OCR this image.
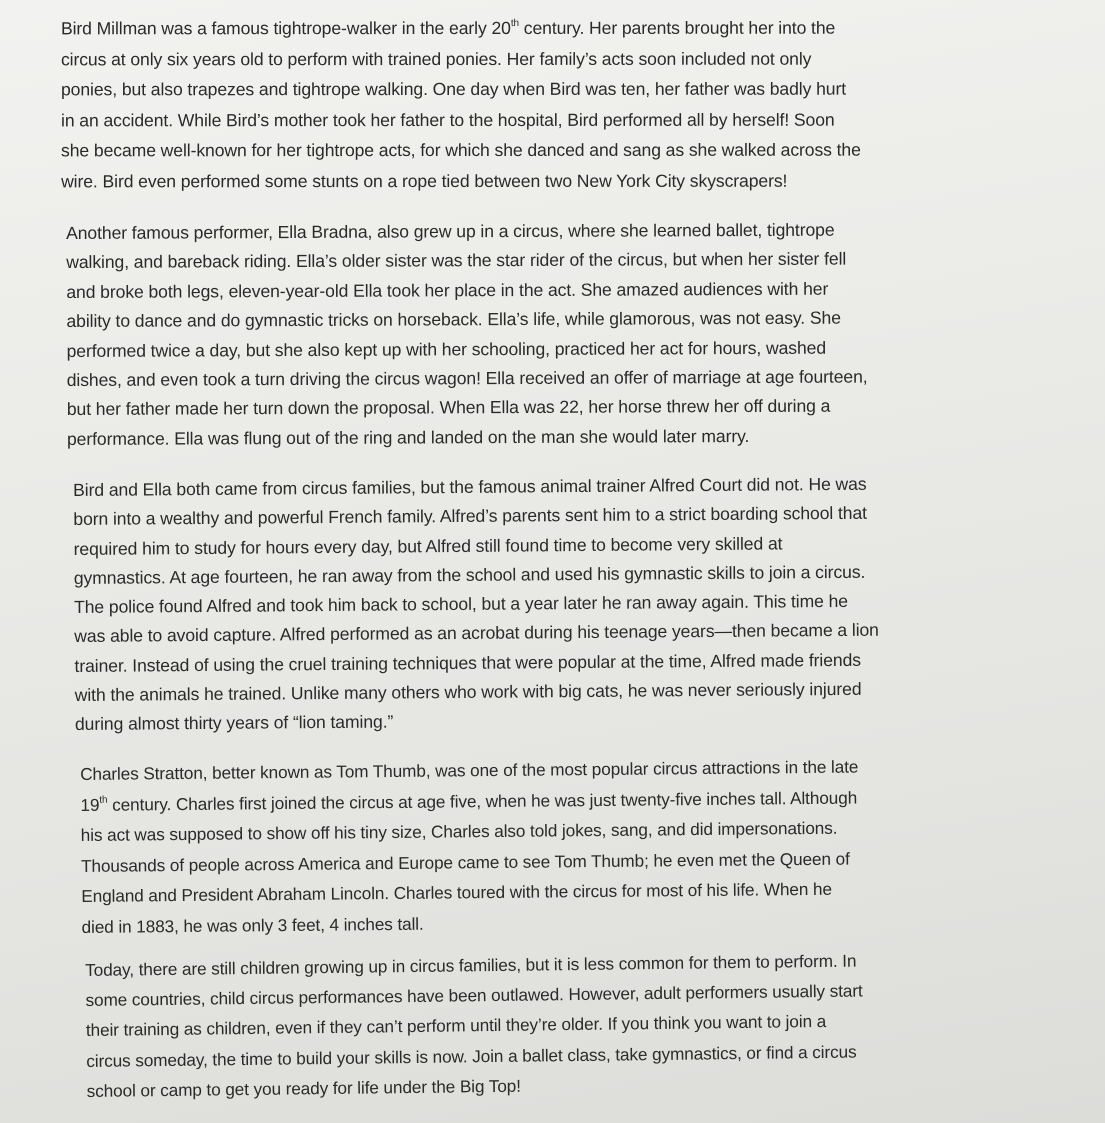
Bird Millman was a famous tightrope-walker in the early 20th century. Her parents brought her into the
circus at only six years old to perform with trained ponies. Her family’s acts soon included not only
ponies, but also trapezes and tightrope walking. One day when Bird was ten, her father was badly hurt
in an accident. While Bird’s mother took her father to the hospital, Bird performed all by herself! Soon
she became well-known for her tightrope acts, for which she danced and sang as she walked across the
wire. Bird even performed some stunts on a rope tied between two New York City skyscrapers!
Another famous performer, Ella Bradna, also grew up in a circus, where she learned ballet, tightrope
walking, and bareback riding. Ella’s older sister was the star rider of the circus, but when her sister fell
and broke both legs, eleven-year-old Ella took her place in the act. She amazed audiences with her
ability to dance and do gymnastic tricks on horseback. Ella’s life, while glamorous, was not easy. She
performed twice a day, but she also kept up with her schooling, practiced her act for hours, washed
dishes, and even took a turn driving the circus wagon! Ella received an offer of marriage at age fourteen,
but her father made her turn down the proposal. When Ella was 22, her horse threw her off during a
performance. Ella was flung out of the ring and landed on the man she would later marry.
Bird and Ella both came from circus families, but the famous animal trainer Alfred Court did not. He was
born into a wealthy and powerful French family. Alfred’s parents sent him to a strict boarding school that
required him to study for hours every day, but Alfred still found time to become very skilled at
gymnastics. At age fourteen, he ran away from the school and used his gymnastic skills to join a circus.
The police found Alfred and took him back to school, but a year later he ran away again. This time he
was able to avoid capture. Alfred performed as an acrobat during his teenage years—then became a lion
trainer. Instead of using the cruel training techniques that were popular at the time, Alfred made friends
with the animals he trained. Unlike many others who work with big cats, he was never seriously injured
during almost thirty years of “lion taming.”
Charles Stratton, better known as Tom Thumb, was one of the most popular circus attractions in the late
19th century. Charles first joined the circus at age five, when he was just twenty-five inches tall. Although
his act was supposed to show off his tiny size, Charles also told jokes, sang, and did impersonations.
Thousands of people across America and Europe came to see Tom Thumb; he even met the Queen of
England and President Abraham Lincoln. Charles toured with the circus for most of his life. When he
died in 1883, he was only 3 feet, 4 inches tall.
Today, there are still children growing up in circus families, but it is less common for them to perform. In
some countries, child circus performances have been outlawed. However, adult performers usually start
their training as children, even if they can’t perform until they’re older. If you think you want to join a
circus someday, the time to build your skills is now. Join a ballet class, take gymnastics, or find a circus
school or camp to get you ready for life under the Big Top!
